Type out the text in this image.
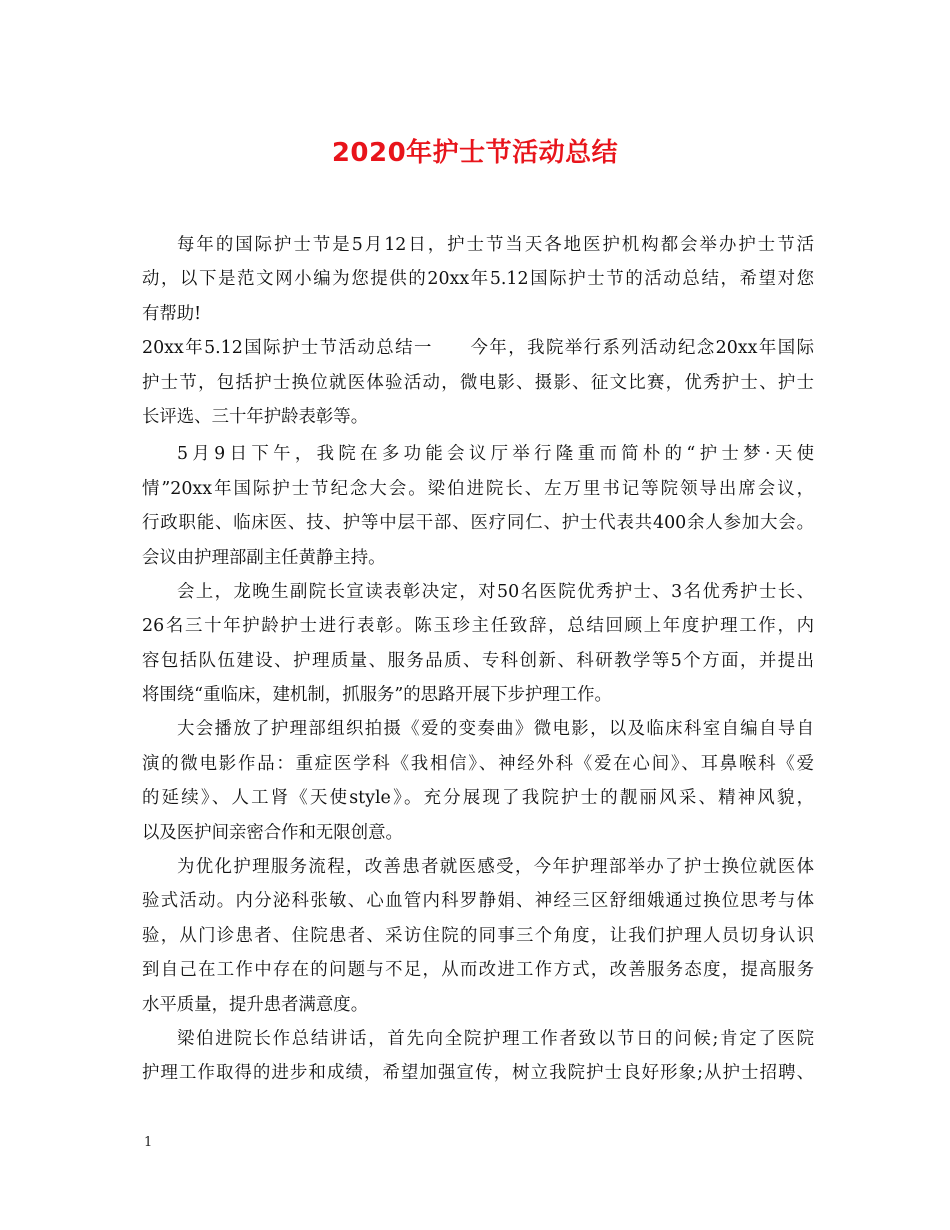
2020年护士节活动总结
每年的国际护士节是5月12日，护士节当天各地医护机构都会举办护士节活
动，以下是范文网小编为您提供的20xx年5.12国际护士节的活动总结，希望对您
有帮助!
20xx年5.12国际护士节活动总结一　　今年，我院举行系列活动纪念20xx年国际
护士节，包括护士换位就医体验活动，微电影、摄影、征文比赛，优秀护士、护士
长评选、三十年护龄表彰等。
5月9日下午，我院在多功能会议厅举行隆重而简朴的“护士梦·天使
情”20xx年国际护士节纪念大会。梁伯进院长、左万里书记等院领导出席会议，
行政职能、临床医、技、护等中层干部、医疗同仁、护士代表共400余人参加大会。
会议由护理部副主任黄静主持。
会上，龙晚生副院长宣读表彰决定，对50名医院优秀护士、3名优秀护士长、
26名三十年护龄护士进行表彰。陈玉珍主任致辞，总结回顾上年度护理工作，内
容包括队伍建设、护理质量、服务品质、专科创新、科研教学等5个方面，并提出
将围绕“重临床，建机制，抓服务”的思路开展下步护理工作。
大会播放了护理部组织拍摄《爱的变奏曲》微电影，以及临床科室自编自导自
演的微电影作品：重症医学科《我相信》、神经外科《爱在心间》、耳鼻喉科《爱
的延续》、人工肾《天使style》。充分展现了我院护士的靓丽风采、精神风貌，
以及医护间亲密合作和无限创意。
为优化护理服务流程，改善患者就医感受，今年护理部举办了护士换位就医体
验式活动。内分泌科张敏、心血管内科罗静娟、神经三区舒细娥通过换位思考与体
验，从门诊患者、住院患者、采访住院的同事三个角度，让我们护理人员切身认识
到自己在工作中存在的问题与不足，从而改进工作方式，改善服务态度，提高服务
水平质量，提升患者满意度。
梁伯进院长作总结讲话，首先向全院护理工作者致以节日的问候;肯定了医院
护理工作取得的进步和成绩，希望加强宣传，树立我院护士良好形象;从护士招聘、
1
